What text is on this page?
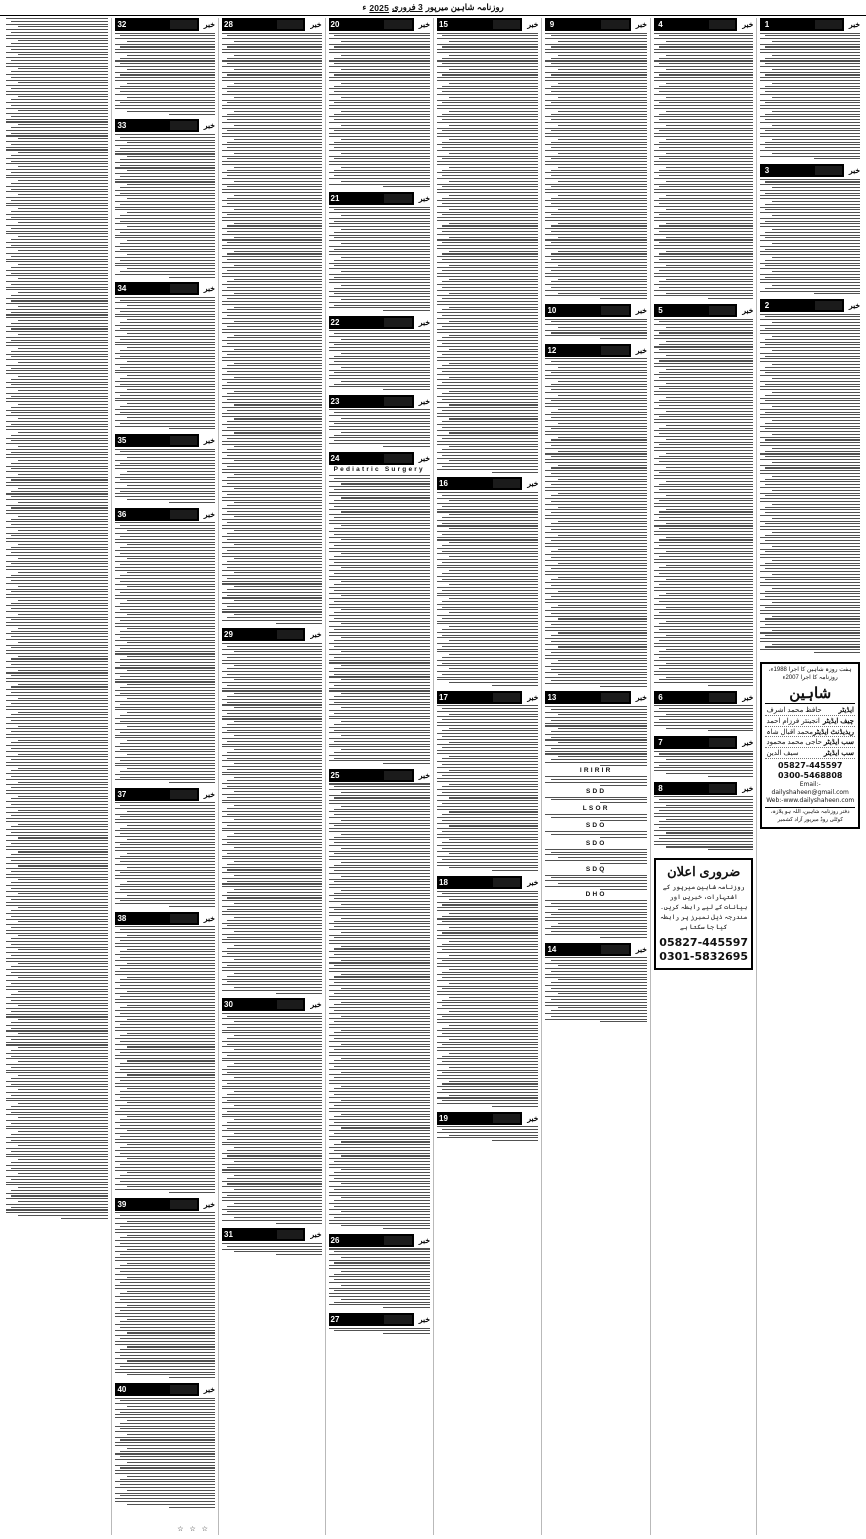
روزنامہ شاہین میرپور
3 فروری
2025
ء
1	خبر
3	خبر
2	خبر
ہفت روزہ شاہین کا اجرا 1988ء، روزنامہ کا اجرا 2007ء
شاہین
ایڈیٹر
حافظ محمد اشرف
چیف ایڈیٹر
انجینئر فرزام احمد
ریذیڈنٹ ایڈیٹر
محمد اقبال شاہ
سب ایڈیٹر
حاجی محمد محمود
سب ایڈیٹر
سیف الدین
05827-445597
0300-5468808
Email:-dailyshaheen@gmail.com
Web:-www.dailyshaheen.com
دفتر روزنامہ شاہین، اللہ ہو پلازہ، کوٹلی روڈ میرپور آزاد کشمیر
4	خبر
5	خبر
6	خبر
7	خبر
8	خبر
ضروری اعلان
روزنامہ شاہین میرپور کے اشتہارات، خبریں اور بیانات کے لیے رابطہ کریں۔ مندرجہ ذیل نمبرز پر رابطہ کیا جا سکتا ہے
05827-445597
0301-5832695
9	خبر
10	خبر
12	خبر
13	خبر
IRIRIR
SDD
LSOR
SDO
SDO
SDQ
DHO
14	خبر
15	خبر
16	خبر
17	خبر
18	خبر
19	خبر
20	خبر
21	خبر
22	خبر
23	خبر
24	خبر
Pediatric Surgery
25	خبر
26	خبر
27	خبر
28	خبر
29	خبر
30	خبر
31	خبر
32	خبر
33	خبر
34	خبر
35	خبر
36	خبر
37	خبر
38	خبر
39	خبر
40	خبر
☆ ☆ ☆
